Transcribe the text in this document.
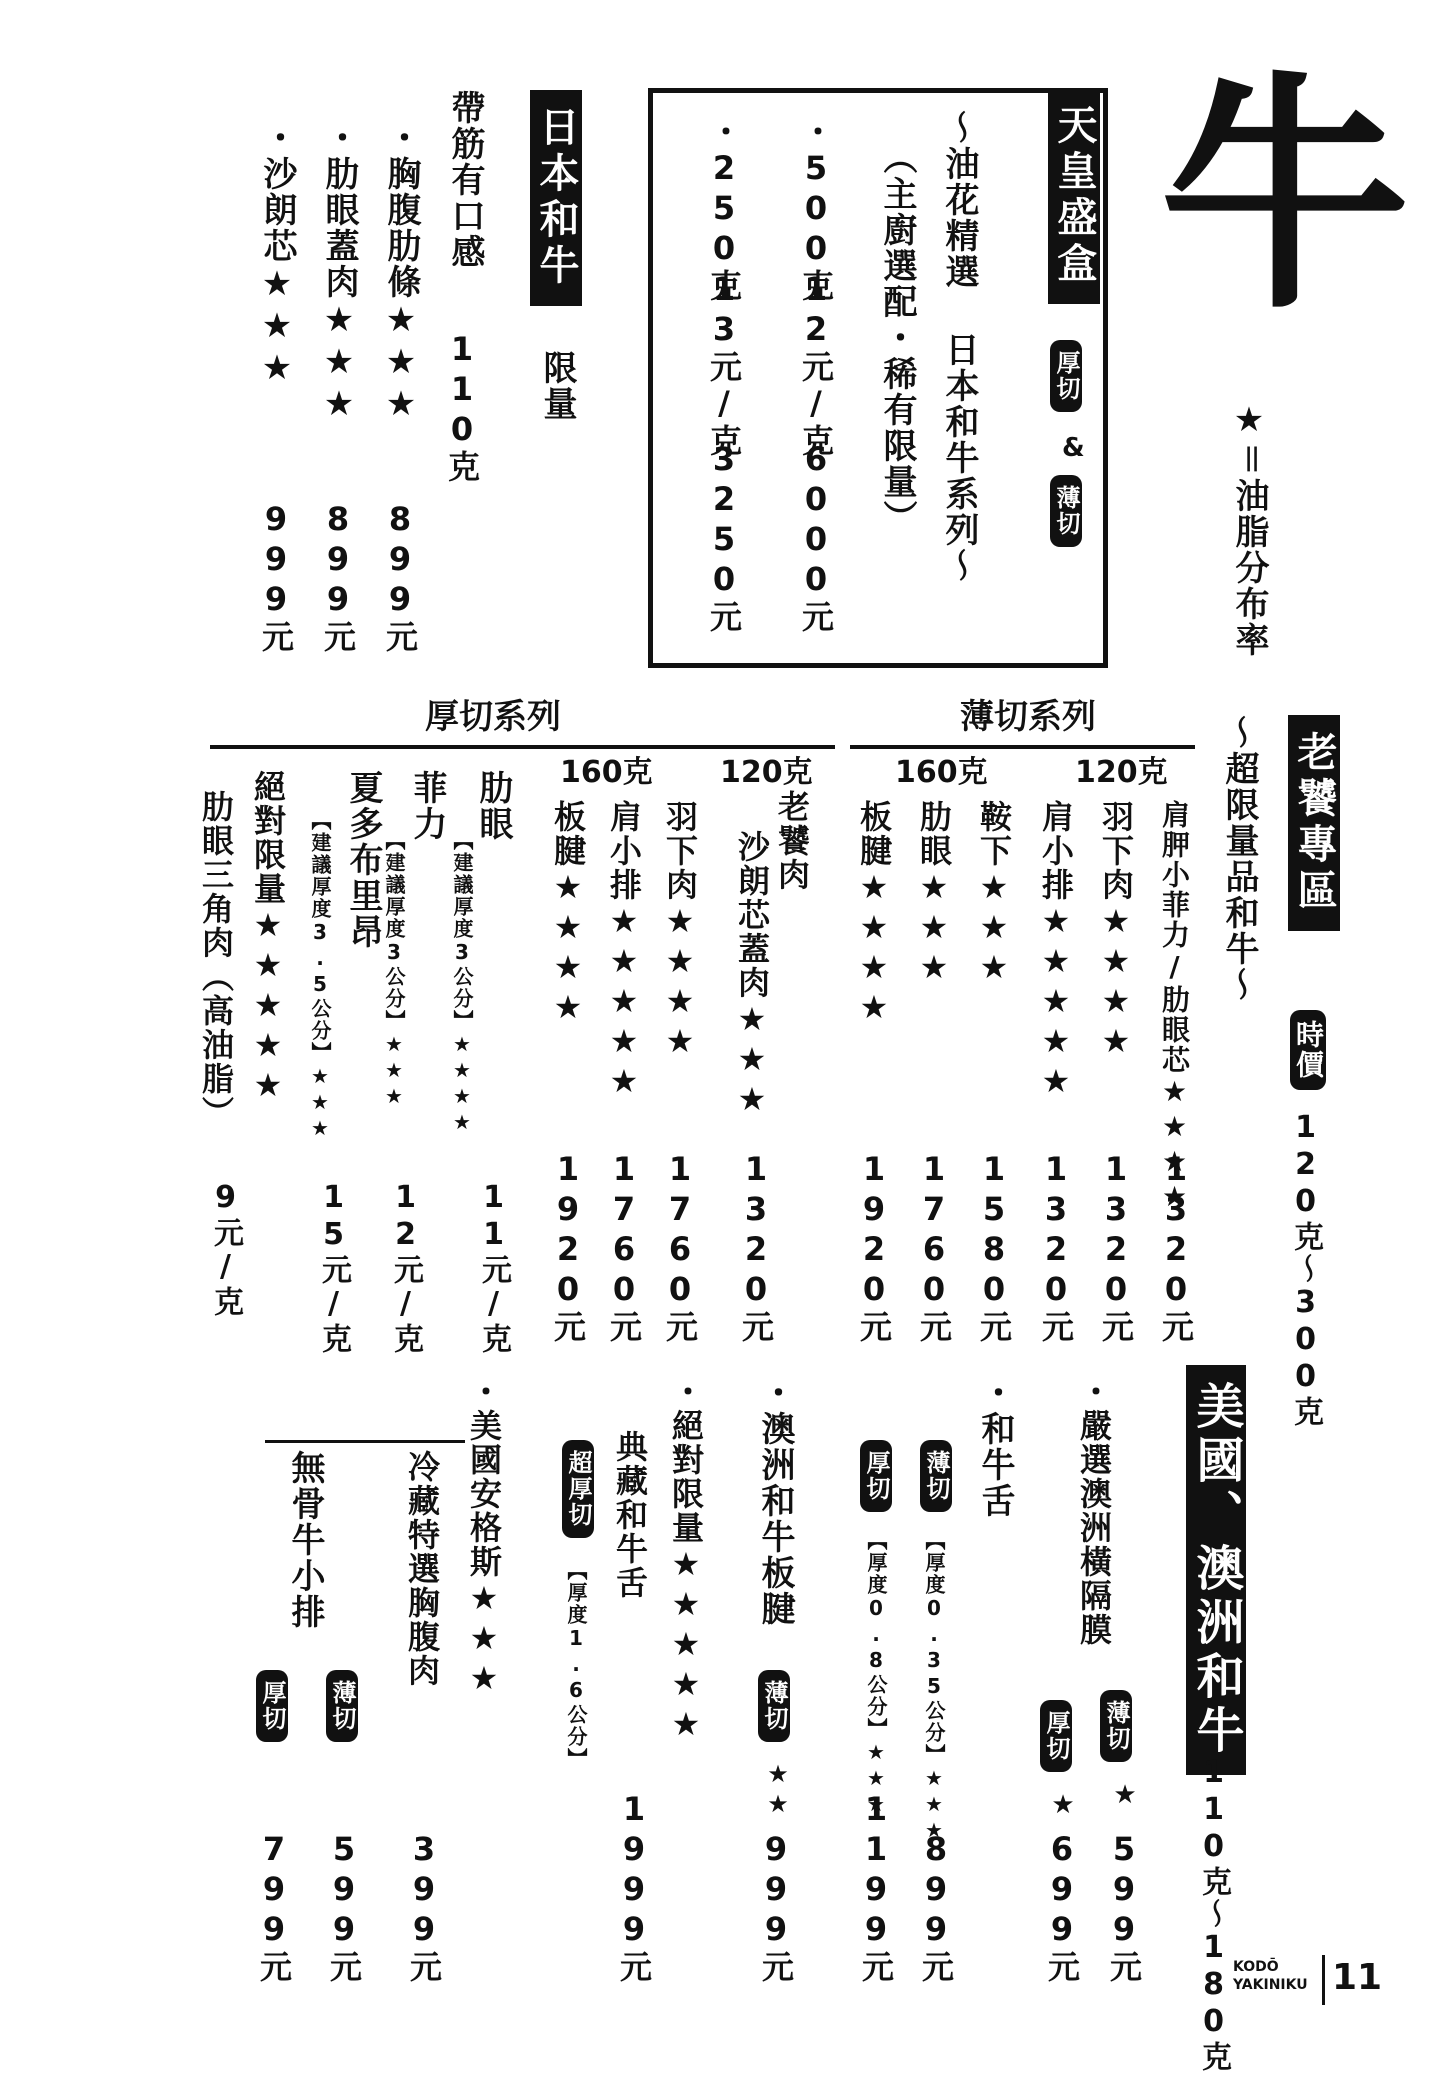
牛
★＝油脂分布率
天皇盛盒
厚切
&
薄切
～油花精選 日本和牛系列～
（主廚選配・稀有限量）
・500克
12元/克
6000元
・250克
13元/克
3250元
日本和牛
限量
帶筋有口感
110克
・胸腹肋條★★★
899元
・肋眼蓋肉★★★
899元
・沙朗芯★★★
999元
老饕專區
～超限量品和牛～
時價
120克～300克
薄切系列
厚切系列
120克
160克
肩胛小菲力/肋眼芯★★★★
1320元
羽下肉★★★★
1320元
肩小排★★★★★
1320元
鞍下★★★
1580元
肋眼★★★
1760元
板腱★★★★
1920元
120克
160克
老饕肉
沙朗芯蓋肉★★★
1320元
羽下肉★★★★
1760元
肩小排★★★★★
1760元
板腱★★★★
1920元
肋眼
【建議厚度3公分】★★★★
11元/克
菲力
【建議厚度3公分】★★★
12元/克
夏多布里昂
【建議厚度3.5公分】★★★
15元/克
絕對限量★★★★★
肋眼三角肉（高油脂）
9元/克
美國、澳洲和牛
110克～180克
・嚴選澳洲橫隔膜
薄切
★
599元
厚切
★
699元
・和牛舌
薄切
【厚度0.35公分】★★★
899元
厚切
【厚度0.8公分】★★★
1199元
・澳洲和牛板腱
薄切
★★
999元
・絕對限量★★★★★
典藏和牛舌
超厚切
【厚度1.6公分】
1999元
・美國安格斯★★★
冷藏特選胸腹肉
399元
無骨牛小排
薄切
599元
厚切
799元	KODŌ
YAKINIKU 11
